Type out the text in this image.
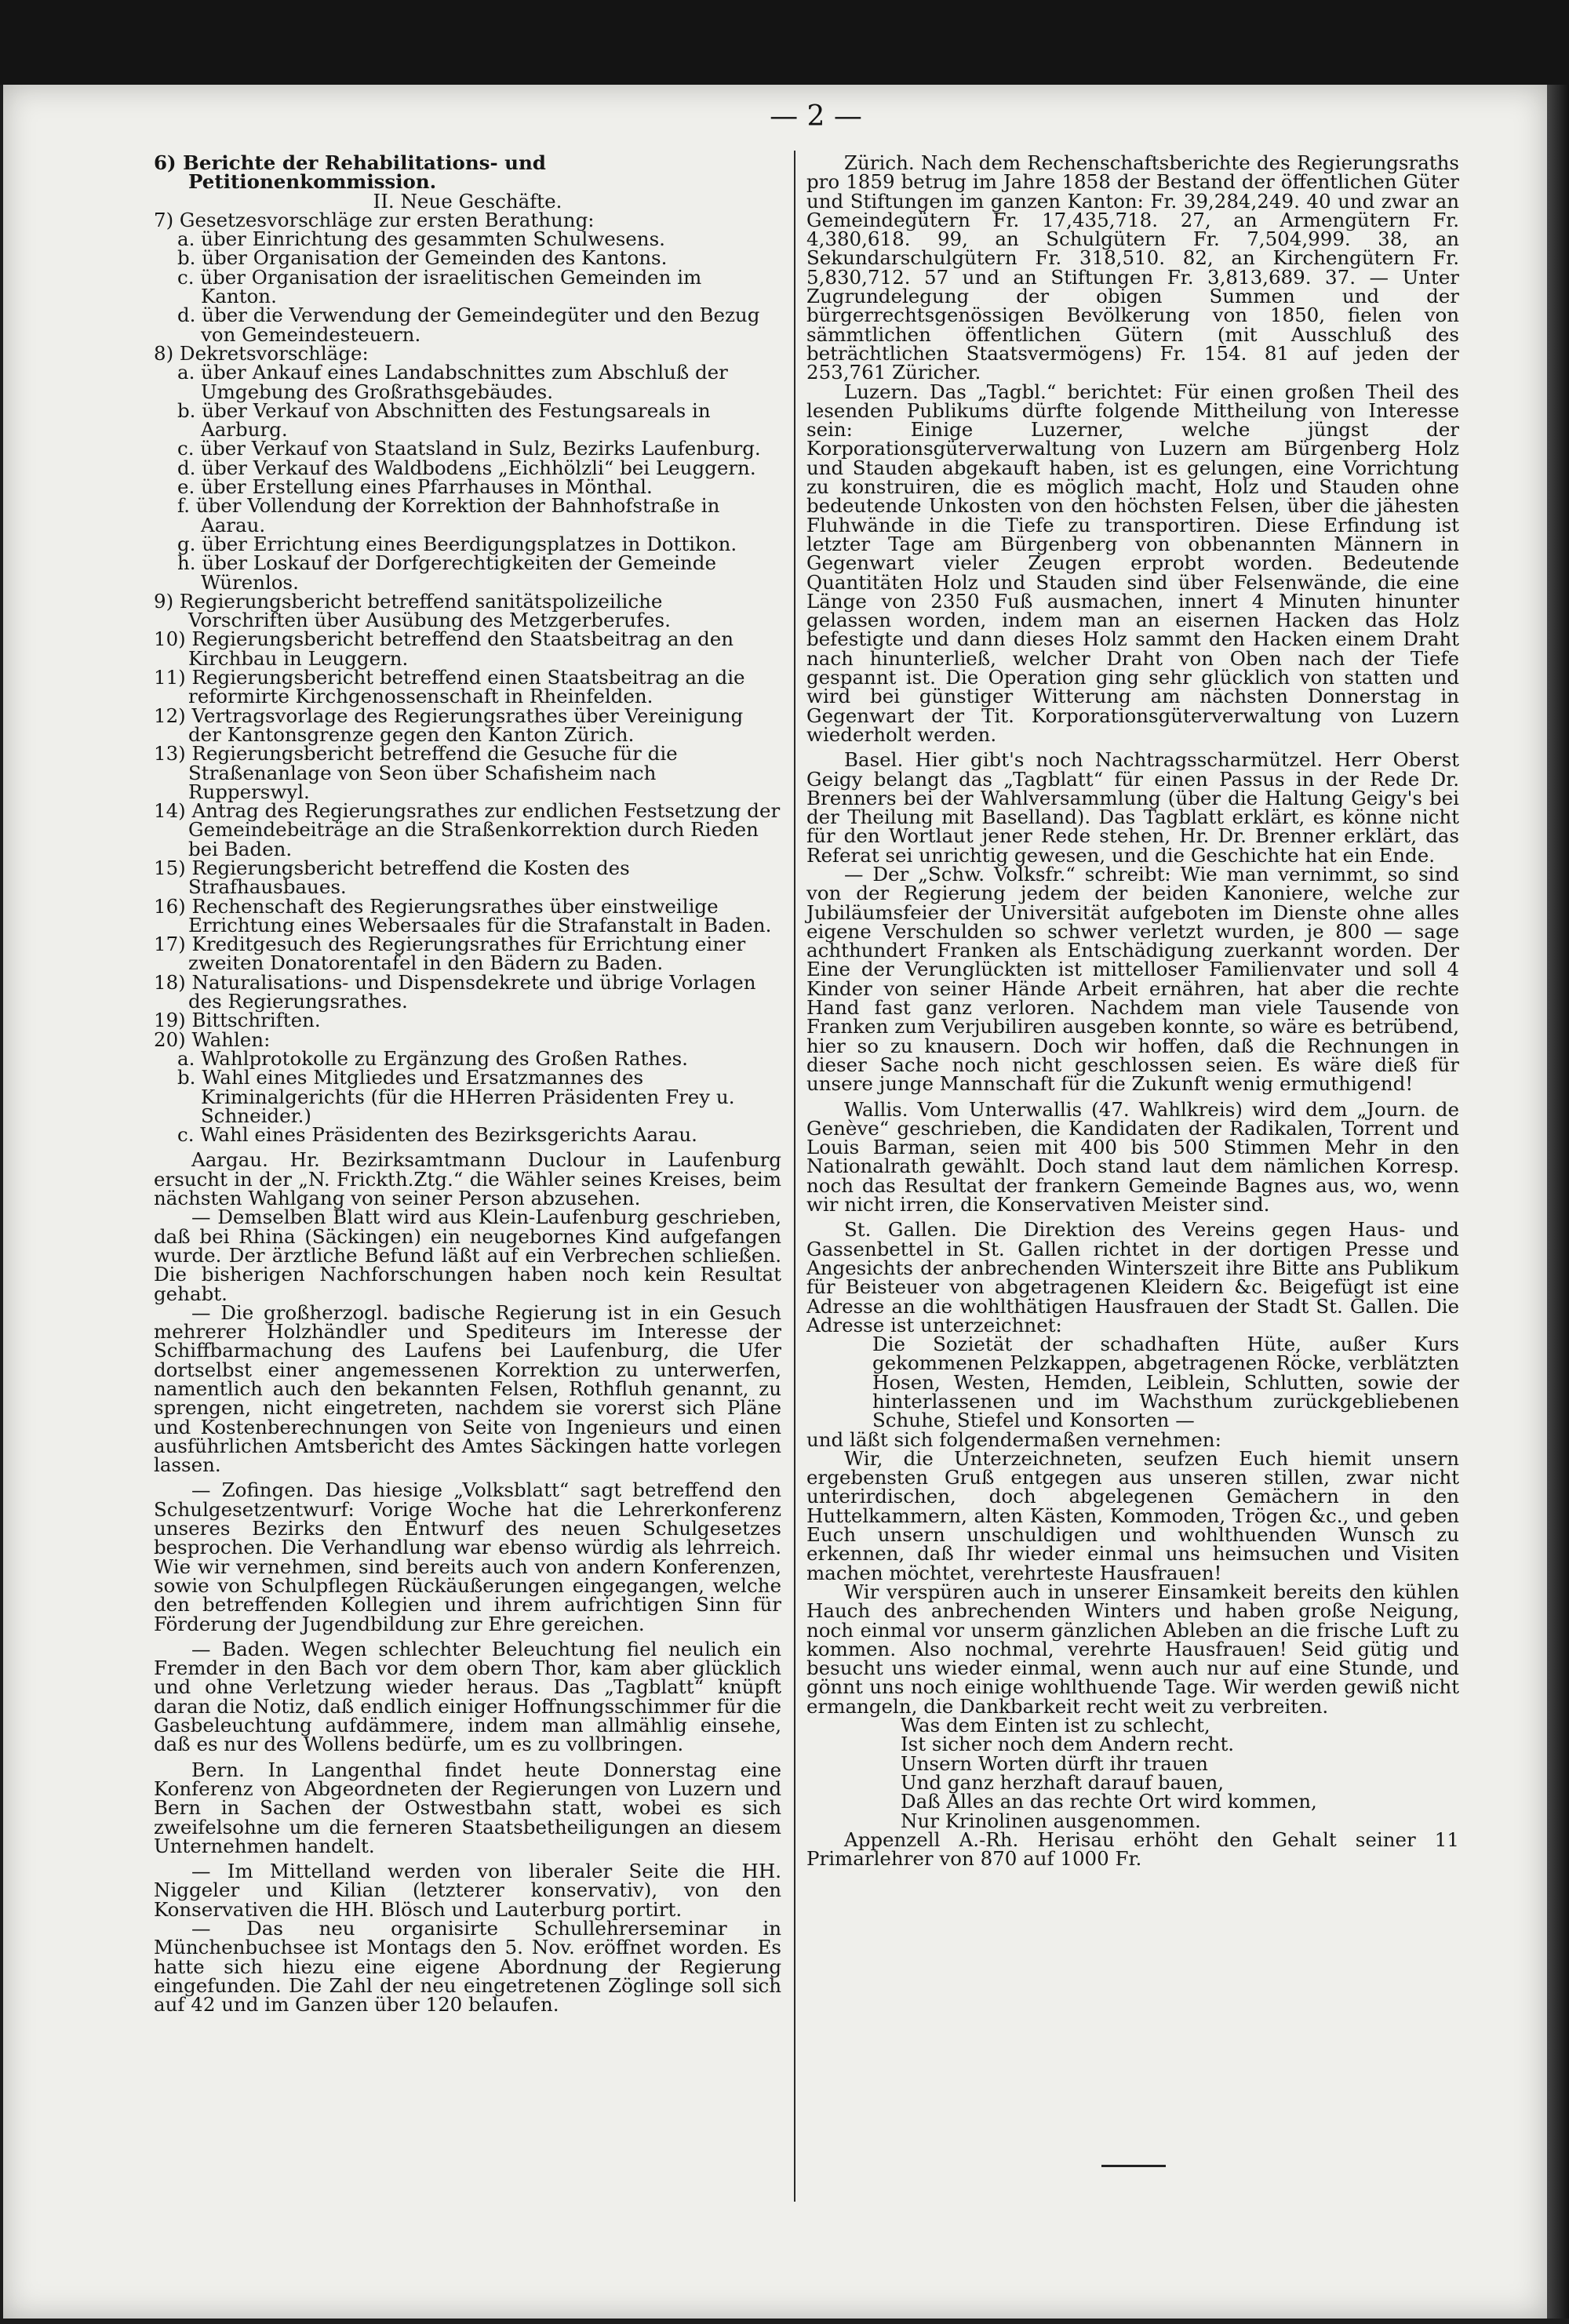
— 2 —

6) Berichte der Rehabilitations- und Petitionenkommission.

II. Neue Geschäfte.

7) Gesetzesvorschläge zur ersten Berathung:

a. über Einrichtung des gesammten Schulwesens.

b. über Organisation der Gemeinden des Kantons.

c. über Organisation der israelitischen Gemeinden im Kanton.

d. über die Verwendung der Gemeindegüter und den Bezug von Gemeindesteuern.

8) Dekretsvorschläge:

a. über Ankauf eines Landabschnittes zum Abschluß der Umgebung des Großrathsgebäudes.

b. über Verkauf von Abschnitten des Festungsareals in Aarburg.

c. über Verkauf von Staatsland in Sulz, Bezirks Laufenburg.

d. über Verkauf des Waldbodens „Eichhölzli“ bei Leuggern.

e. über Erstellung eines Pfarrhauses in Mönthal.

f. über Vollendung der Korrektion der Bahnhofstraße in Aarau.

g. über Errichtung eines Beerdigungsplatzes in Dottikon.

h. über Loskauf der Dorfgerechtigkeiten der Gemeinde Würenlos.

9) Regierungsbericht betreffend sanitätspolizeiliche Vorschriften über Ausübung des Metzgerberufes.

10) Regierungsbericht betreffend den Staatsbeitrag an den Kirchbau in Leuggern.

11) Regierungsbericht betreffend einen Staatsbeitrag an die reformirte Kirchgenossenschaft in Rheinfelden.

12) Vertragsvorlage des Regierungsrathes über Vereinigung der Kantonsgrenze gegen den Kanton Zürich.

13) Regierungsbericht betreffend die Gesuche für die Straßenanlage von Seon über Schafisheim nach Rupperswyl.

14) Antrag des Regierungsrathes zur endlichen Festsetzung der Gemeindebeiträge an die Straßenkorrektion durch Rieden bei Baden.

15) Regierungsbericht betreffend die Kosten des Strafhausbaues.

16) Rechenschaft des Regierungsrathes über einstweilige Errichtung eines Webersaales für die Strafanstalt in Baden.

17) Kreditgesuch des Regierungsrathes für Errichtung einer zweiten Donatorentafel in den Bädern zu Baden.

18) Naturalisations- und Dispensdekrete und übrige Vorlagen des Regierungsrathes.

19) Bittschriften.

20) Wahlen:

a. Wahlprotokolle zu Ergänzung des Großen Rathes.

b. Wahl eines Mitgliedes und Ersatzmannes des Kriminalgerichts (für die HHerren Präsidenten Frey u. Schneider.)

c. Wahl eines Präsidenten des Bezirksgerichts Aarau.

Aargau. Hr. Bezirksamtmann Duclour in Laufenburg ersucht in der „N. Frickth.Ztg.“ die Wähler seines Kreises, beim nächsten Wahlgang von seiner Person abzusehen.

— Demselben Blatt wird aus Klein-Laufenburg geschrieben, daß bei Rhina (Säckingen) ein neugebornes Kind aufgefangen wurde. Der ärztliche Befund läßt auf ein Verbrechen schließen. Die bisherigen Nachforschungen haben noch kein Resultat gehabt.

— Die großherzogl. badische Regierung ist in ein Gesuch mehrerer Holzhändler und Spediteurs im Interesse der Schiffbarmachung des Laufens bei Laufenburg, die Ufer dortselbst einer angemessenen Korrektion zu unterwerfen, namentlich auch den bekannten Felsen, Rothfluh genannt, zu sprengen, nicht eingetreten, nachdem sie vorerst sich Pläne und Kostenberechnungen von Seite von Ingenieurs und einen ausführlichen Amtsbericht des Amtes Säckingen hatte vorlegen lassen.

— Zofingen. Das hiesige „Volksblatt“ sagt betreffend den Schulgesetzentwurf: Vorige Woche hat die Lehrerkonferenz unseres Bezirks den Entwurf des neuen Schulgesetzes besprochen. Die Verhandlung war ebenso würdig als lehrreich. Wie wir vernehmen, sind bereits auch von andern Konferenzen, sowie von Schulpflegen Rückäußerungen eingegangen, welche den betreffenden Kollegien und ihrem aufrichtigen Sinn für Förderung der Jugendbildung zur Ehre gereichen.

— Baden. Wegen schlechter Beleuchtung fiel neulich ein Fremder in den Bach vor dem obern Thor, kam aber glücklich und ohne Verletzung wieder heraus. Das „Tagblatt“ knüpft daran die Notiz, daß endlich einiger Hoffnungsschimmer für die Gasbeleuchtung aufdämmere, indem man allmählig einsehe, daß es nur des Wollens bedürfe, um es zu vollbringen.

Bern. In Langenthal findet heute Donnerstag eine Konferenz von Abgeordneten der Regierungen von Luzern und Bern in Sachen der Ostwestbahn statt, wobei es sich zweifelsohne um die ferneren Staatsbetheiligungen an diesem Unternehmen handelt.

— Im Mittelland werden von liberaler Seite die HH. Niggeler und Kilian (letzterer konservativ), von den Konservativen die HH. Blösch und Lauterburg portirt.

— Das neu organisirte Schullehrerseminar in Münchenbuchsee ist Montags den 5. Nov. eröffnet worden. Es hatte sich hiezu eine eigene Abordnung der Regierung eingefunden. Die Zahl der neu eingetretenen Zöglinge soll sich auf 42 und im Ganzen über 120 belaufen.

Zürich. Nach dem Rechenschaftsberichte des Regierungsraths pro 1859 betrug im Jahre 1858 der Bestand der öffentlichen Güter und Stiftungen im ganzen Kanton: Fr. 39,284,249. 40 und zwar an Gemeindegütern Fr. 17,435,718. 27, an Armengütern Fr. 4,380,618. 99, an Schulgütern Fr. 7,504,999. 38, an Sekundarschulgütern Fr. 318,510. 82, an Kirchengütern Fr. 5,830,712. 57 und an Stiftungen Fr. 3,813,689. 37. — Unter Zugrundelegung der obigen Summen und der bürgerrechtsgenössigen Bevölkerung von 1850, fielen von sämmtlichen öffentlichen Gütern (mit Ausschluß des beträchtlichen Staatsvermögens) Fr. 154. 81 auf jeden der 253,761 Züricher.

Luzern. Das „Tagbl.“ berichtet: Für einen großen Theil des lesenden Publikums dürfte folgende Mittheilung von Interesse sein: Einige Luzerner, welche jüngst der Korporationsgüterverwaltung von Luzern am Bürgenberg Holz und Stauden abgekauft haben, ist es gelungen, eine Vorrichtung zu konstruiren, die es möglich macht, Holz und Stauden ohne bedeutende Unkosten von den höchsten Felsen, über die jähesten Fluhwände in die Tiefe zu transportiren. Diese Erfindung ist letzter Tage am Bürgenberg von obbenannten Männern in Gegenwart vieler Zeugen erprobt worden. Bedeutende Quantitäten Holz und Stauden sind über Felsenwände, die eine Länge von 2350 Fuß ausmachen, innert 4 Minuten hinunter gelassen worden, indem man an eisernen Hacken das Holz befestigte und dann dieses Holz sammt den Hacken einem Draht nach hinunterließ, welcher Draht von Oben nach der Tiefe gespannt ist. Die Operation ging sehr glücklich von statten und wird bei günstiger Witterung am nächsten Donnerstag in Gegenwart der Tit. Korporationsgüterverwaltung von Luzern wiederholt werden.

Basel. Hier gibt's noch Nachtragsscharmützel. Herr Oberst Geigy belangt das „Tagblatt“ für einen Passus in der Rede Dr. Brenners bei der Wahlversammlung (über die Haltung Geigy's bei der Theilung mit Baselland). Das Tagblatt erklärt, es könne nicht für den Wortlaut jener Rede stehen, Hr. Dr. Brenner erklärt, das Referat sei unrichtig gewesen, und die Geschichte hat ein Ende.

— Der „Schw. Volksfr.“ schreibt: Wie man vernimmt, so sind von der Regierung jedem der beiden Kanoniere, welche zur Jubiläumsfeier der Universität aufgeboten im Dienste ohne alles eigene Verschulden so schwer verletzt wurden, je 800 — sage achthundert Franken als Entschädigung zuerkannt worden. Der Eine der Verunglückten ist mittelloser Familienvater und soll 4 Kinder von seiner Hände Arbeit ernähren, hat aber die rechte Hand fast ganz verloren. Nachdem man viele Tausende von Franken zum Verjubiliren ausgeben konnte, so wäre es betrübend, hier so zu knausern. Doch wir hoffen, daß die Rechnungen in dieser Sache noch nicht geschlossen seien. Es wäre dieß für unsere junge Mannschaft für die Zukunft wenig ermuthigend!

Wallis. Vom Unterwallis (47. Wahlkreis) wird dem „Journ. de Genève“ geschrieben, die Kandidaten der Radikalen, Torrent und Louis Barman, seien mit 400 bis 500 Stimmen Mehr in den Nationalrath gewählt. Doch stand laut dem nämlichen Korresp. noch das Resultat der frankern Gemeinde Bagnes aus, wo, wenn wir nicht irren, die Konservativen Meister sind.

St. Gallen. Die Direktion des Vereins gegen Haus- und Gassenbettel in St. Gallen richtet in der dortigen Presse und Angesichts der anbrechenden Winterszeit ihre Bitte ans Publikum für Beisteuer von abgetragenen Kleidern &c. Beigefügt ist eine Adresse an die wohlthätigen Hausfrauen der Stadt St. Gallen. Die Adresse ist unterzeichnet:

Die Sozietät der schadhaften Hüte, außer Kurs gekommenen Pelzkappen, abgetragenen Röcke, verblätzten Hosen, Westen, Hemden, Leiblein, Schlutten, sowie der hinterlassenen und im Wachsthum zurückgebliebenen Schuhe, Stiefel und Konsorten —

und läßt sich folgendermaßen vernehmen:

Wir, die Unterzeichneten, seufzen Euch hiemit unsern ergebensten Gruß entgegen aus unseren stillen, zwar nicht unterirdischen, doch abgelegenen Gemächern in den Huttelkammern, alten Kästen, Kommoden, Trögen &c., und geben Euch unsern unschuldigen und wohlthuenden Wunsch zu erkennen, daß Ihr wieder einmal uns heimsuchen und Visiten machen möchtet, verehrteste Hausfrauen!

Wir verspüren auch in unserer Einsamkeit bereits den kühlen Hauch des anbrechenden Winters und haben große Neigung, noch einmal vor unserm gänzlichen Ableben an die frische Luft zu kommen. Also nochmal, verehrte Hausfrauen! Seid gütig und besucht uns wieder einmal, wenn auch nur auf eine Stunde, und gönnt uns noch einige wohlthuende Tage. Wir werden gewiß nicht ermangeln, die Dankbarkeit recht weit zu verbreiten.

Was dem Einten ist zu schlecht,

Ist sicher noch dem Andern recht.

Unsern Worten dürft ihr trauen

Und ganz herzhaft darauf bauen,

Daß Alles an das rechte Ort wird kommen,

Nur Krinolinen ausgenommen.

Appenzell A.-Rh. Herisau erhöht den Gehalt seiner 11 Primarlehrer von 870 auf 1000 Fr.
